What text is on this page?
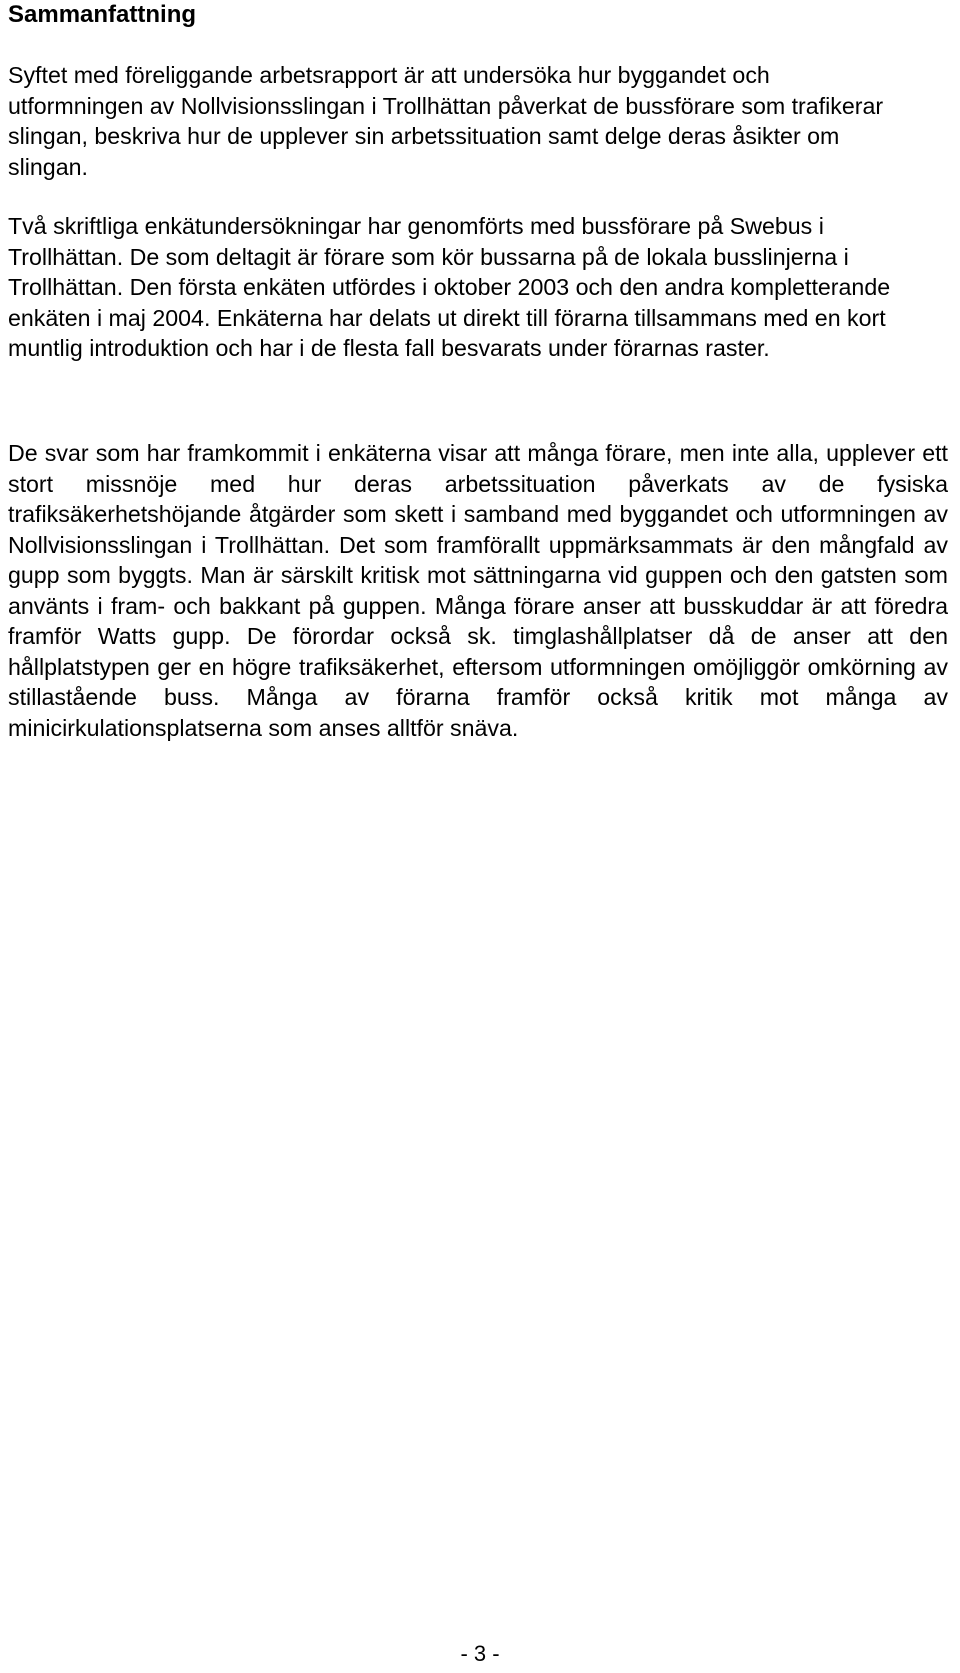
Sammanfattning

Syftet med föreliggande arbetsrapport är att undersöka hur byggandet och utformningen av Nollvisionsslingan i Trollhättan påverkat de bussförare som trafikerar slingan, beskriva hur de upplever sin arbetssituation samt delge deras åsikter om slingan.

Två skriftliga enkätundersökningar har genomförts med bussförare på Swebus i Trollhättan. De som deltagit är förare som kör bussarna på de lokala busslinjerna i Trollhättan. Den första enkäten utfördes i oktober 2003 och den andra kompletterande enkäten i maj 2004. Enkäterna har delats ut direkt till förarna tillsammans med en kort muntlig introduktion och har i de flesta fall besvarats under förarnas raster.

De svar som har framkommit i enkäterna visar att många förare, men inte alla, upplever ett stort missnöje med hur deras arbetssituation påverkats av de fysiska trafiksäkerhetshöjande åtgärder som skett i samband med byggandet och utformningen av Nollvisionsslingan i Trollhättan. Det som framförallt uppmärksammats är den mångfald av gupp som byggts. Man är särskilt kritisk mot sättningarna vid guppen och den gatsten som använts i fram- och bakkant på guppen. Många förare anser att busskuddar är att föredra framför Watts gupp. De förordar också sk. timglashållplatser då de anser att den hållplatstypen ger en högre trafiksäkerhet, eftersom utformningen omöjliggör omkörning av stillastående buss. Många av förarna framför också kritik mot många av minicirkulationsplatserna som anses alltför snäva.

- 3 -
